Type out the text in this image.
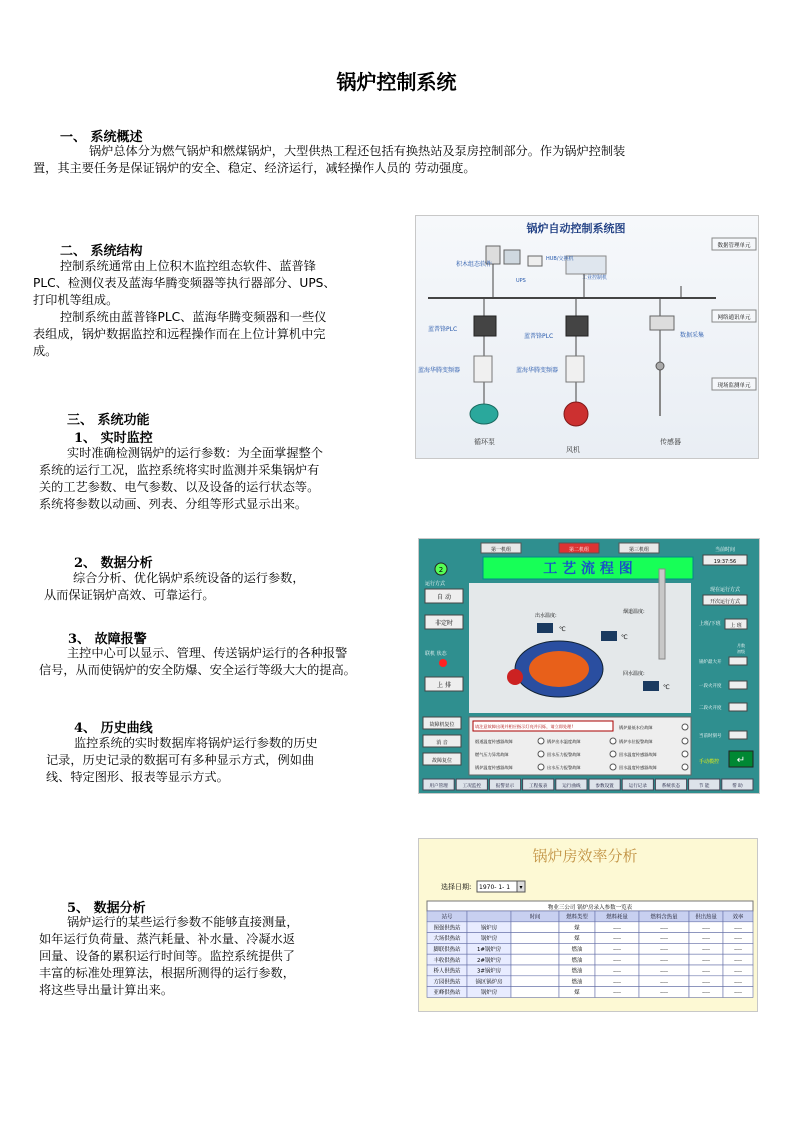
锅炉控制系统
一、 系统概述
锅炉总体分为燃气锅炉和燃煤锅炉，大型供热工程还包括有换热站及泵房控制部分。作为锅炉控制装
置，其主要任务是保证锅炉的安全、稳定、经济运行，减轻操作人员的 劳动强度。
二、 系统结构
控制系统通常由上位积木监控组态软件、蓝普锋
PLC、检测仪表及蓝海华腾变频器等执行器部分、UPS、
打印机等组成。
控制系统由蓝普锋PLC、蓝海华腾变频器和一些仪
表组成，锅炉数据监控和远程操作而在上位计算机中完
成。
三、 系统功能
1、 实时监控
实时准确检测锅炉的运行参数：为全面掌握整个
系统的运行工况，监控系统将实时监测并采集锅炉有
关的工艺参数、电气参数、以及设备的运行状态等。
系统将参数以动画、列表、分组等形式显示出来。
2、 数据分析
综合分析、优化锅炉系统设备的运行参数，
从而保证锅炉高效、可靠运行。
3、 故障报警
主控中心可以显示、管理、传送锅炉运行的各种报警
信号，从而使锅炉的安全防爆、安全运行等级大大的提高。
4、 历史曲线
监控系统的实时数据库将锅炉运行参数的历史
记录，历史记录的数据可有多种显示方式，例如曲
线、特定图形、报表等显示方式。
5、 数据分析
锅炉运行的某些运行参数不能够直接测量，
如年运行负荷量、蒸汽耗量、补水量、冷凝水返
回量、设备的累积运行时间等。监控系统提供了
丰富的标准处理算法，根据所测得的运行参数，
将这些导出量计算出来。
锅炉自动控制系统图
积木组态软件
HUB/交换机
UPS	工业控制机
数据管理单元
网络通讯单元
现场监测单元
蓝普锋PLC
蓝海华腾变频器
循环泵
蓝普锋PLC
蓝海华腾变频器
风机
数据采集
传感器
第一机组	第二机组	第三机组
工 艺 流 程 图
2
运行方式
自 动
非定时
联机 状态
上 排
出水温度:
℃
烟道温度:
℃
回水温度:
℃
当前时间
19:37:56
现在运行方式
开次运行方式
上班/下班 上 班
月数
初级
锅炉最大开
一段火开度
二段火开度
当前时刻号
故障机复位
消 音
故障复位
请注意故障出现并相应指示灯亮并闪烁，请立即处理!	锅炉最低水位故障
烟道温度传感器故障	锅炉出水温度故障	锅炉水位报警故障
燃气压力异常故障	回水压力报警故障	回水温度传感器故障
锅炉温度传感器故障	出水压力报警故障	回水温度传感器故障
手动模控 ↵
用户管理	工况监控	报警显示	工程报表	运行曲线	参数设置	运行记录	系统状态	节 能	帮 助
锅炉房效率分析
选择日期: 1970- 1- 1 ▾
物业三公司 锅炉房录入参数一览表
站号	时间	燃料类型	燃料耗量	燃料含热量	供出热量	效率
图强供热站	锅炉房	煤	----	----	----	----
大场供热站	锅炉房	煤	----	----	----	----
脚联供热站	1#锅炉房	燃油	----	----	----	----
丰收供热站	2#锅炉房	燃油	----	----	----	----
桥人供热站	3#锅炉房	燃油	----	----	----	----
方园供热站	锅区锅炉房	燃油	----	----	----	----
亚峰供热站	锅炉房	煤	----	----	----	----
